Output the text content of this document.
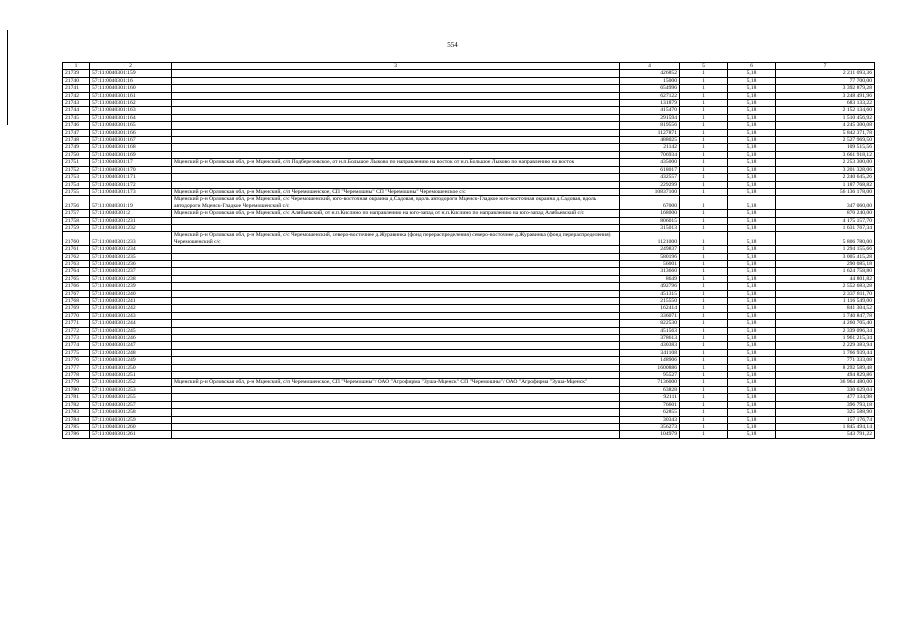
554
1	2	3	4	5	6	7
21739	57:11:0040301:159		426852	1	5,18	2 211 093,36
21740	57:11:0040301:16		15000	1	5,18	77 700,00
21741	57:11:0040301:160		654996	1	5,18	3 392 879,28
21742	57:11:0040301:161		627122	1	5,18	3 248 491,96
21743	57:11:0040301:162		131879	1	5,18	683 133,22
21744	57:11:0040301:163		415470	1	5,18	2 152 134,60
21745	57:11:0040301:164		291594	1	5,18	1 510 456,92
21746	57:11:0040301:165		819556	1	5,18	4 245 300,08
21747	57:11:0040301:166		1127871	1	5,18	5 842 371,78
21748	57:11:0040301:167		488025	1	5,18	2 527 969,50
21749	57:11:0040301:168		21142	1	5,18	109 515,56
21750	57:11:0040301:169		706934	1	5,18	3 661 918,12
21751	57:11:0040301:17	Мценский р-н Орловская обл, р-н Мценский, с/п Подберезовское, от н.п.Большое Лыково по направлению на восток от н.п.Большое Лыково по направлению на восток	435000	1	5,18	2 253 300,00
21752	57:11:0040301:170		618017	1	5,18	3 201 328,06
21753	57:11:0040301:171		432557	1	5,18	2 240 645,26
21754	57:11:0040301:172		229299	1	5,18	1 187 768,82
21755	57:11:0040301:173	Мценский р-н Орловская обл, р-н Мценский, с/п Черемошенское, СП "Черемошны" СП "Черемошны" Черемошенское с/с	10837100	1	5,18	56 136 178,00
21756	57:11:0040301:19	Мценский р-н Орловская обл, р-н Мценский, с/с Черемошенский, юго-восточная окраина д.Садовая, вдоль автодороги Мценск-Гладкое юго-восточная окраина д.Садовая, вдоль автодороги Мценск-Гладкое Черемошенский с/с	67000	1	5,18	347 060,00
21757	57:11:0040301:2	Мценский р-н Орловская обл, р-н Мценский, с/с Алябьевский, от н.п.Кислино по направлению на юго-запад от н.п.Кислино по направлению на юго-запад Алябьевский с/с	168000	1	5,18	870 240,00
21758	57:11:0040301:231		806015	1	5,18	4 175 157,70
21759	57:11:0040301:232		315013	1	5,18	1 631 767,34
21760	57:11:0040301:233	Мценский р-н Орловская обл, р-н Мценский, с/с Черемошенский, северо-восточнее д.Журавинка (фонд перераспределения) северо-восточнее д.Журавинка (фонд перераспределения) Черемошенский с/с	1121000	1	5,18	5 806 780,00
21761	57:11:0040301:234		249837	1	5,18	1 294 155,66
21762	57:11:0040301:235		580196	1	5,18	3 005 415,28
21763	57:11:0040301:236		56001	1	5,18	290 085,18
21764	57:11:0040301:237		313660	1	5,18	1 624 758,80
21765	57:11:0040301:238		8649	1	5,18	44 801,82
21766	57:11:0040301:239		492796	1	5,18	2 552 683,28
21767	57:11:0040301:240		451315	1	5,18	2 337 811,70
21768	57:11:0040301:241		215550	1	5,18	1 116 549,00
21769	57:11:0040301:242		162414	1	5,18	841 304,52
21770	57:11:0040301:243		336071	1	5,18	1 740 847,78
21771	57:11:0040301:244		822530	1	5,18	4 260 705,40
21772	57:11:0040301:245		451563	1	5,18	2 339 096,34
21773	57:11:0040301:246		378613	1	5,18	1 961 215,34
21774	57:11:0040301:247		430383	1	5,18	2 229 383,94
21775	57:11:0040301:248		341108	1	5,18	1 766 939,44
21776	57:11:0040301:249		148906	1	5,18	771 333,08
21777	57:11:0040301:250		1600886	1	5,18	8 292 589,48
21778	57:11:0040301:251		95527	1	5,18	494 829,86
21779	57:11:0040301:252	Мценский р-н Орловская обл, р-н Мценский, с/п Черемошенское, СП "Черемошны"/ ОАО "Агрофирма "Зуша-Мценск" СП "Черемошны"/ ОАО "Агрофирма "Зуша-Мценск"	7136000	1	5,18	36 964 480,00
21780	57:11:0040301:253		63828	1	5,18	330 629,04
21781	57:11:0040301:255		92111	1	5,18	477 134,98
21782	57:11:0040301:257		76601	1	5,18	396 793,18
21783	57:11:0040301:258		62855	1	5,18	325 588,90
21784	57:11:0040301:259		30343	1	5,18	157 176,74
21785	57:11:0040301:260		356273	1	5,18	1 845 494,14
21786	57:11:0040301:261		104979	1	5,18	543 791,22
